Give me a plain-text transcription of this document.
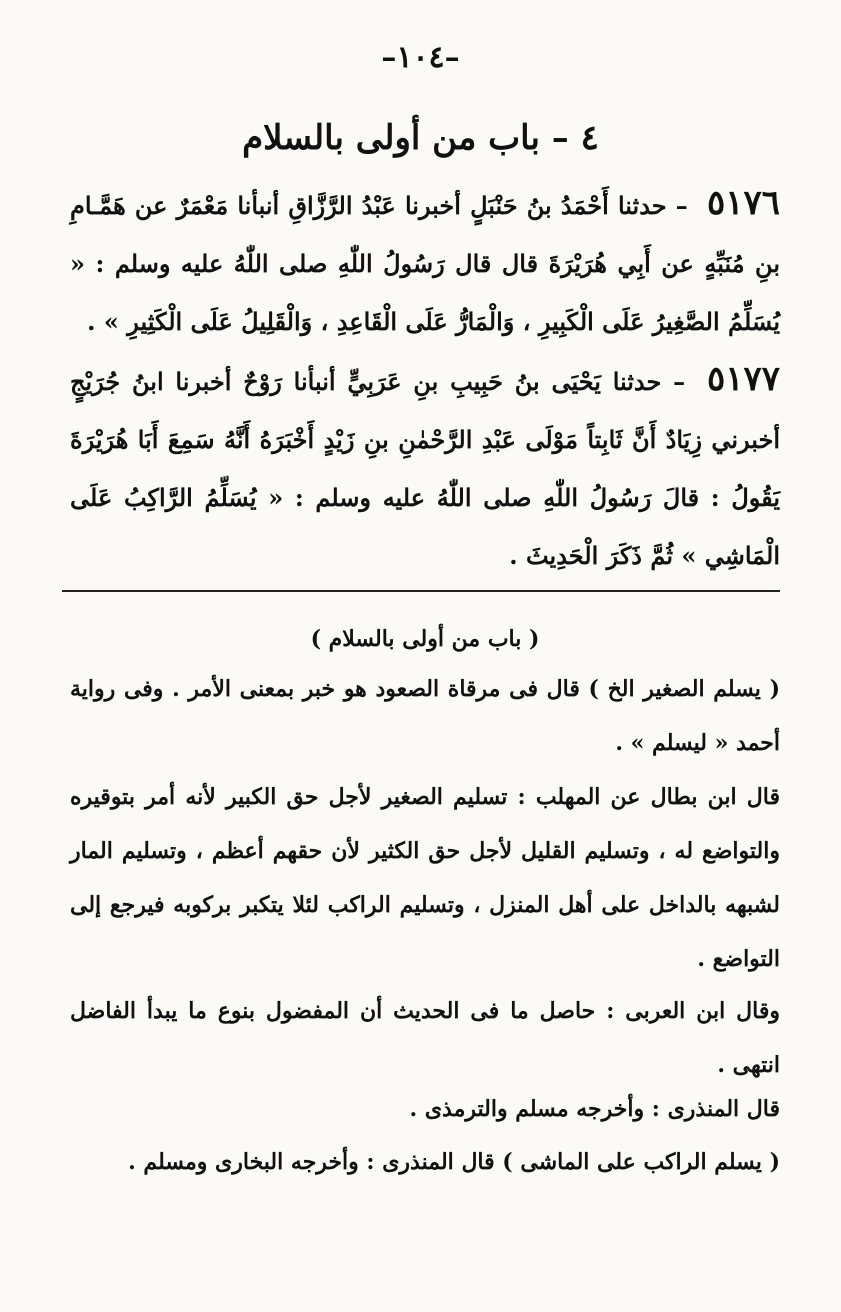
–١٠٤–
٤ – باب من أولى بالسلام
٥١٧٦ – حدثنا أَحْمَدُ بنُ حَنْبَلٍ أخبرنا عَبْدُ الرَّزَّاقِ أنبأنا مَعْمَرٌ عن هَمَّـامِ بنِ مُنَبِّهٍ عن أَبِي هُرَيْرَةَ قال قال رَسُولُ اللّٰهِ صلى اللّٰهُ عليه وسلم : « يُسَلِّمُ الصَّغِيرُ عَلَى الْكَبِيرِ ، وَالْمَارُّ عَلَى الْقَاعِدِ ، وَالْقَلِيلُ عَلَى الْكَثِيرِ » .
٥١٧٧ – حدثنا يَحْيَى بنُ حَبِيبِ بنِ عَرَبِيٍّ أنبأنا رَوْحٌ أخبرنا ابنُ جُرَيْجٍ أخبرني زِيَادٌ أَنَّ ثَابِتاً مَوْلَى عَبْدِ الرَّحْمٰنِ بنِ زَيْدٍ أَخْبَرَهُ أَنَّهُ سَمِعَ أَبَا هُرَيْرَةَ يَقُولُ : قالَ رَسُولُ اللّٰهِ صلى اللّٰهُ عليه وسلم : « يُسَلِّمُ الرَّاكِبُ عَلَى الْمَاشِي » ثُمَّ ذَكَرَ الْحَدِيثَ .
( باب من أولى بالسلام )
( يسلم الصغير الخ ) قال فى مرقاة الصعود هو خبر بمعنى الأمر . وفى رواية أحمد « ليسلم » .
قال ابن بطال عن المهلب : تسليم الصغير لأجل حق الكبير لأنه أمر بتوقيره والتواضع له ، وتسليم القليل لأجل حق الكثير لأن حقهم أعظم ، وتسليم المار لشبهه بالداخل على أهل المنزل ، وتسليم الراكب لئلا يتكبر بركوبه فيرجع إلى التواضع .
وقال ابن العربى : حاصل ما فى الحديث أن المفضول بنوع ما يبدأ الفاضل انتهى .
قال المنذرى : وأخرجه مسلم والترمذى .
( يسلم الراكب على الماشى ) قال المنذرى : وأخرجه البخارى ومسلم .
